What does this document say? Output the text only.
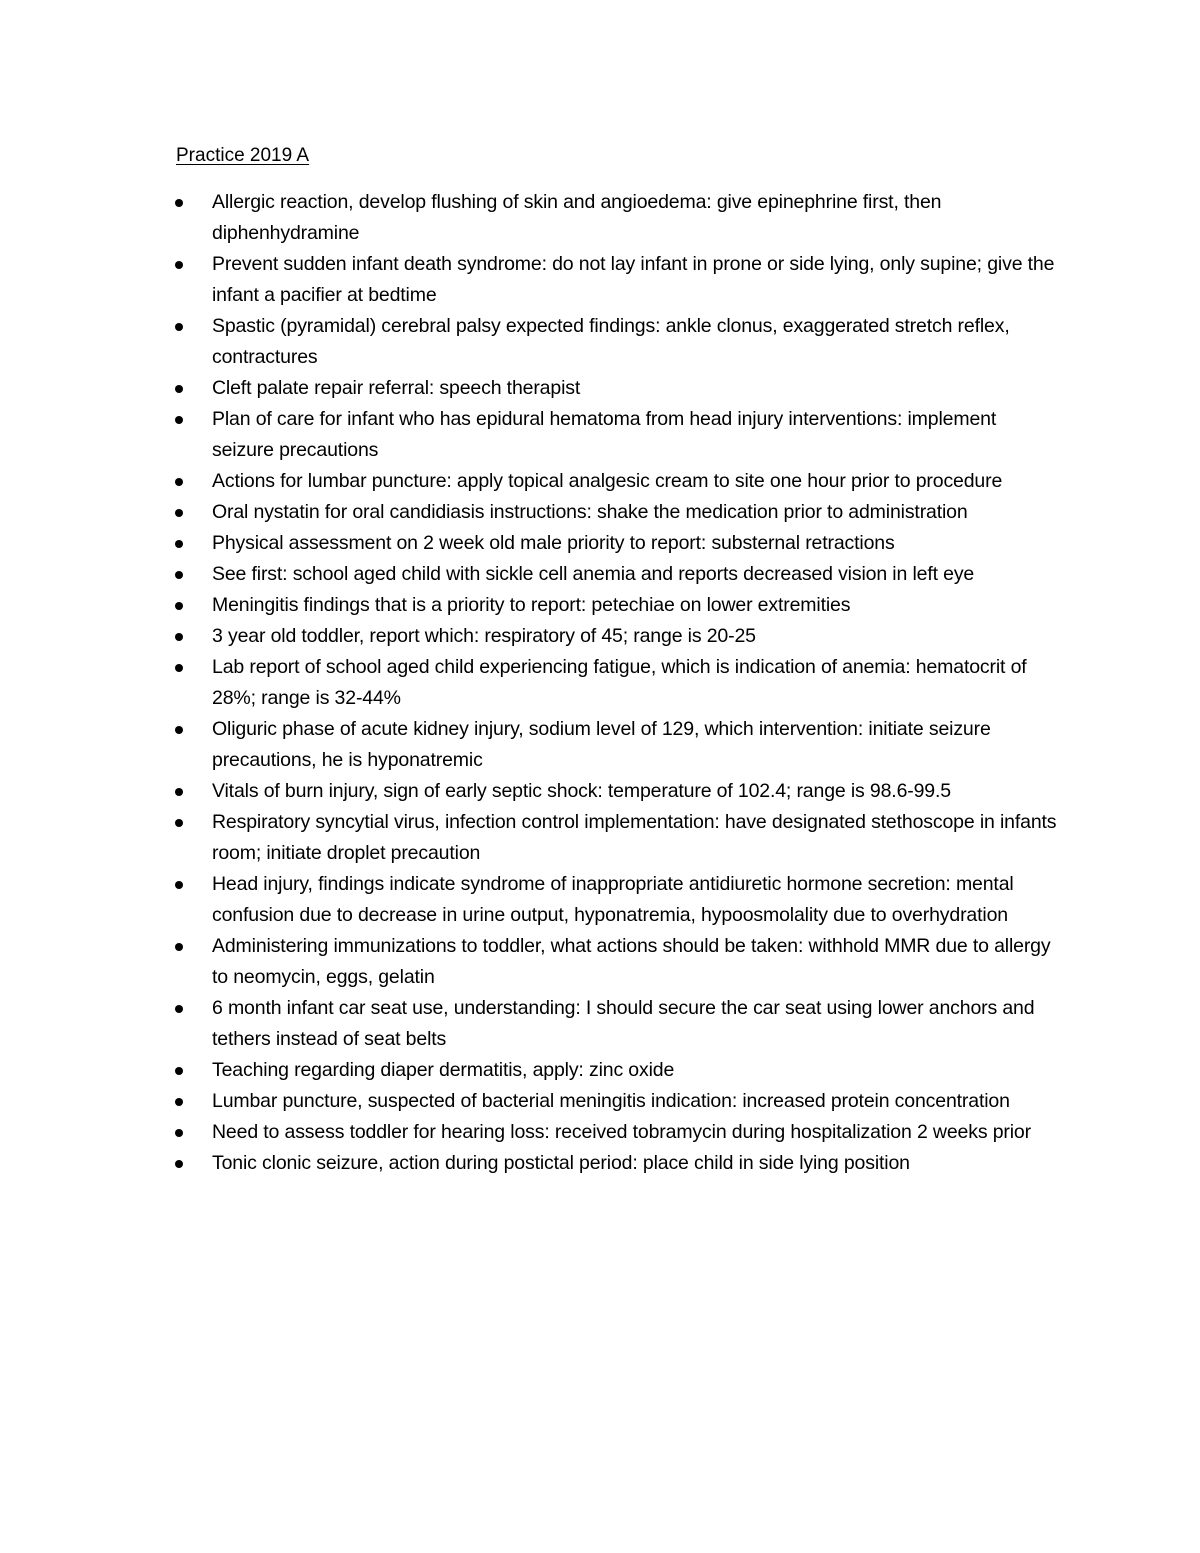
Practice 2019 A
Allergic reaction, develop flushing of skin and angioedema: give epinephrine first, then diphenhydramine
Prevent sudden infant death syndrome: do not lay infant in prone or side lying, only supine; give the infant a pacifier at bedtime
Spastic (pyramidal) cerebral palsy expected findings: ankle clonus, exaggerated stretch reflex, contractures
Cleft palate repair referral: speech therapist
Plan of care for infant who has epidural hematoma from head injury interventions: implement seizure precautions
Actions for lumbar puncture: apply topical analgesic cream to site one hour prior to procedure
Oral nystatin for oral candidiasis instructions: shake the medication prior to administration
Physical assessment on 2 week old male priority to report: substernal retractions
See first: school aged child with sickle cell anemia and reports decreased vision in left eye
Meningitis findings that is a priority to report: petechiae on lower extremities
3 year old toddler, report which: respiratory of 45; range is 20-25
Lab report of school aged child experiencing fatigue, which is indication of anemia: hematocrit of 28%; range is 32-44%
Oliguric phase of acute kidney injury, sodium level of 129, which intervention: initiate seizure precautions, he is hyponatremic
Vitals of burn injury, sign of early septic shock: temperature of 102.4; range is 98.6-99.5
Respiratory syncytial virus, infection control implementation: have designated stethoscope in infants room; initiate droplet precaution
Head injury, findings indicate syndrome of inappropriate antidiuretic hormone secretion: mental confusion due to decrease in urine output, hyponatremia, hypoosmolality due to overhydration
Administering immunizations to toddler, what actions should be taken: withhold MMR due to allergy to neomycin, eggs, gelatin
6 month infant car seat use, understanding: I should secure the car seat using lower anchors and tethers instead of seat belts
Teaching regarding diaper dermatitis, apply: zinc oxide
Lumbar puncture, suspected of bacterial meningitis indication: increased protein concentration
Need to assess toddler for hearing loss: received tobramycin during hospitalization 2 weeks prior
Tonic clonic seizure, action during postictal period: place child in side lying position
